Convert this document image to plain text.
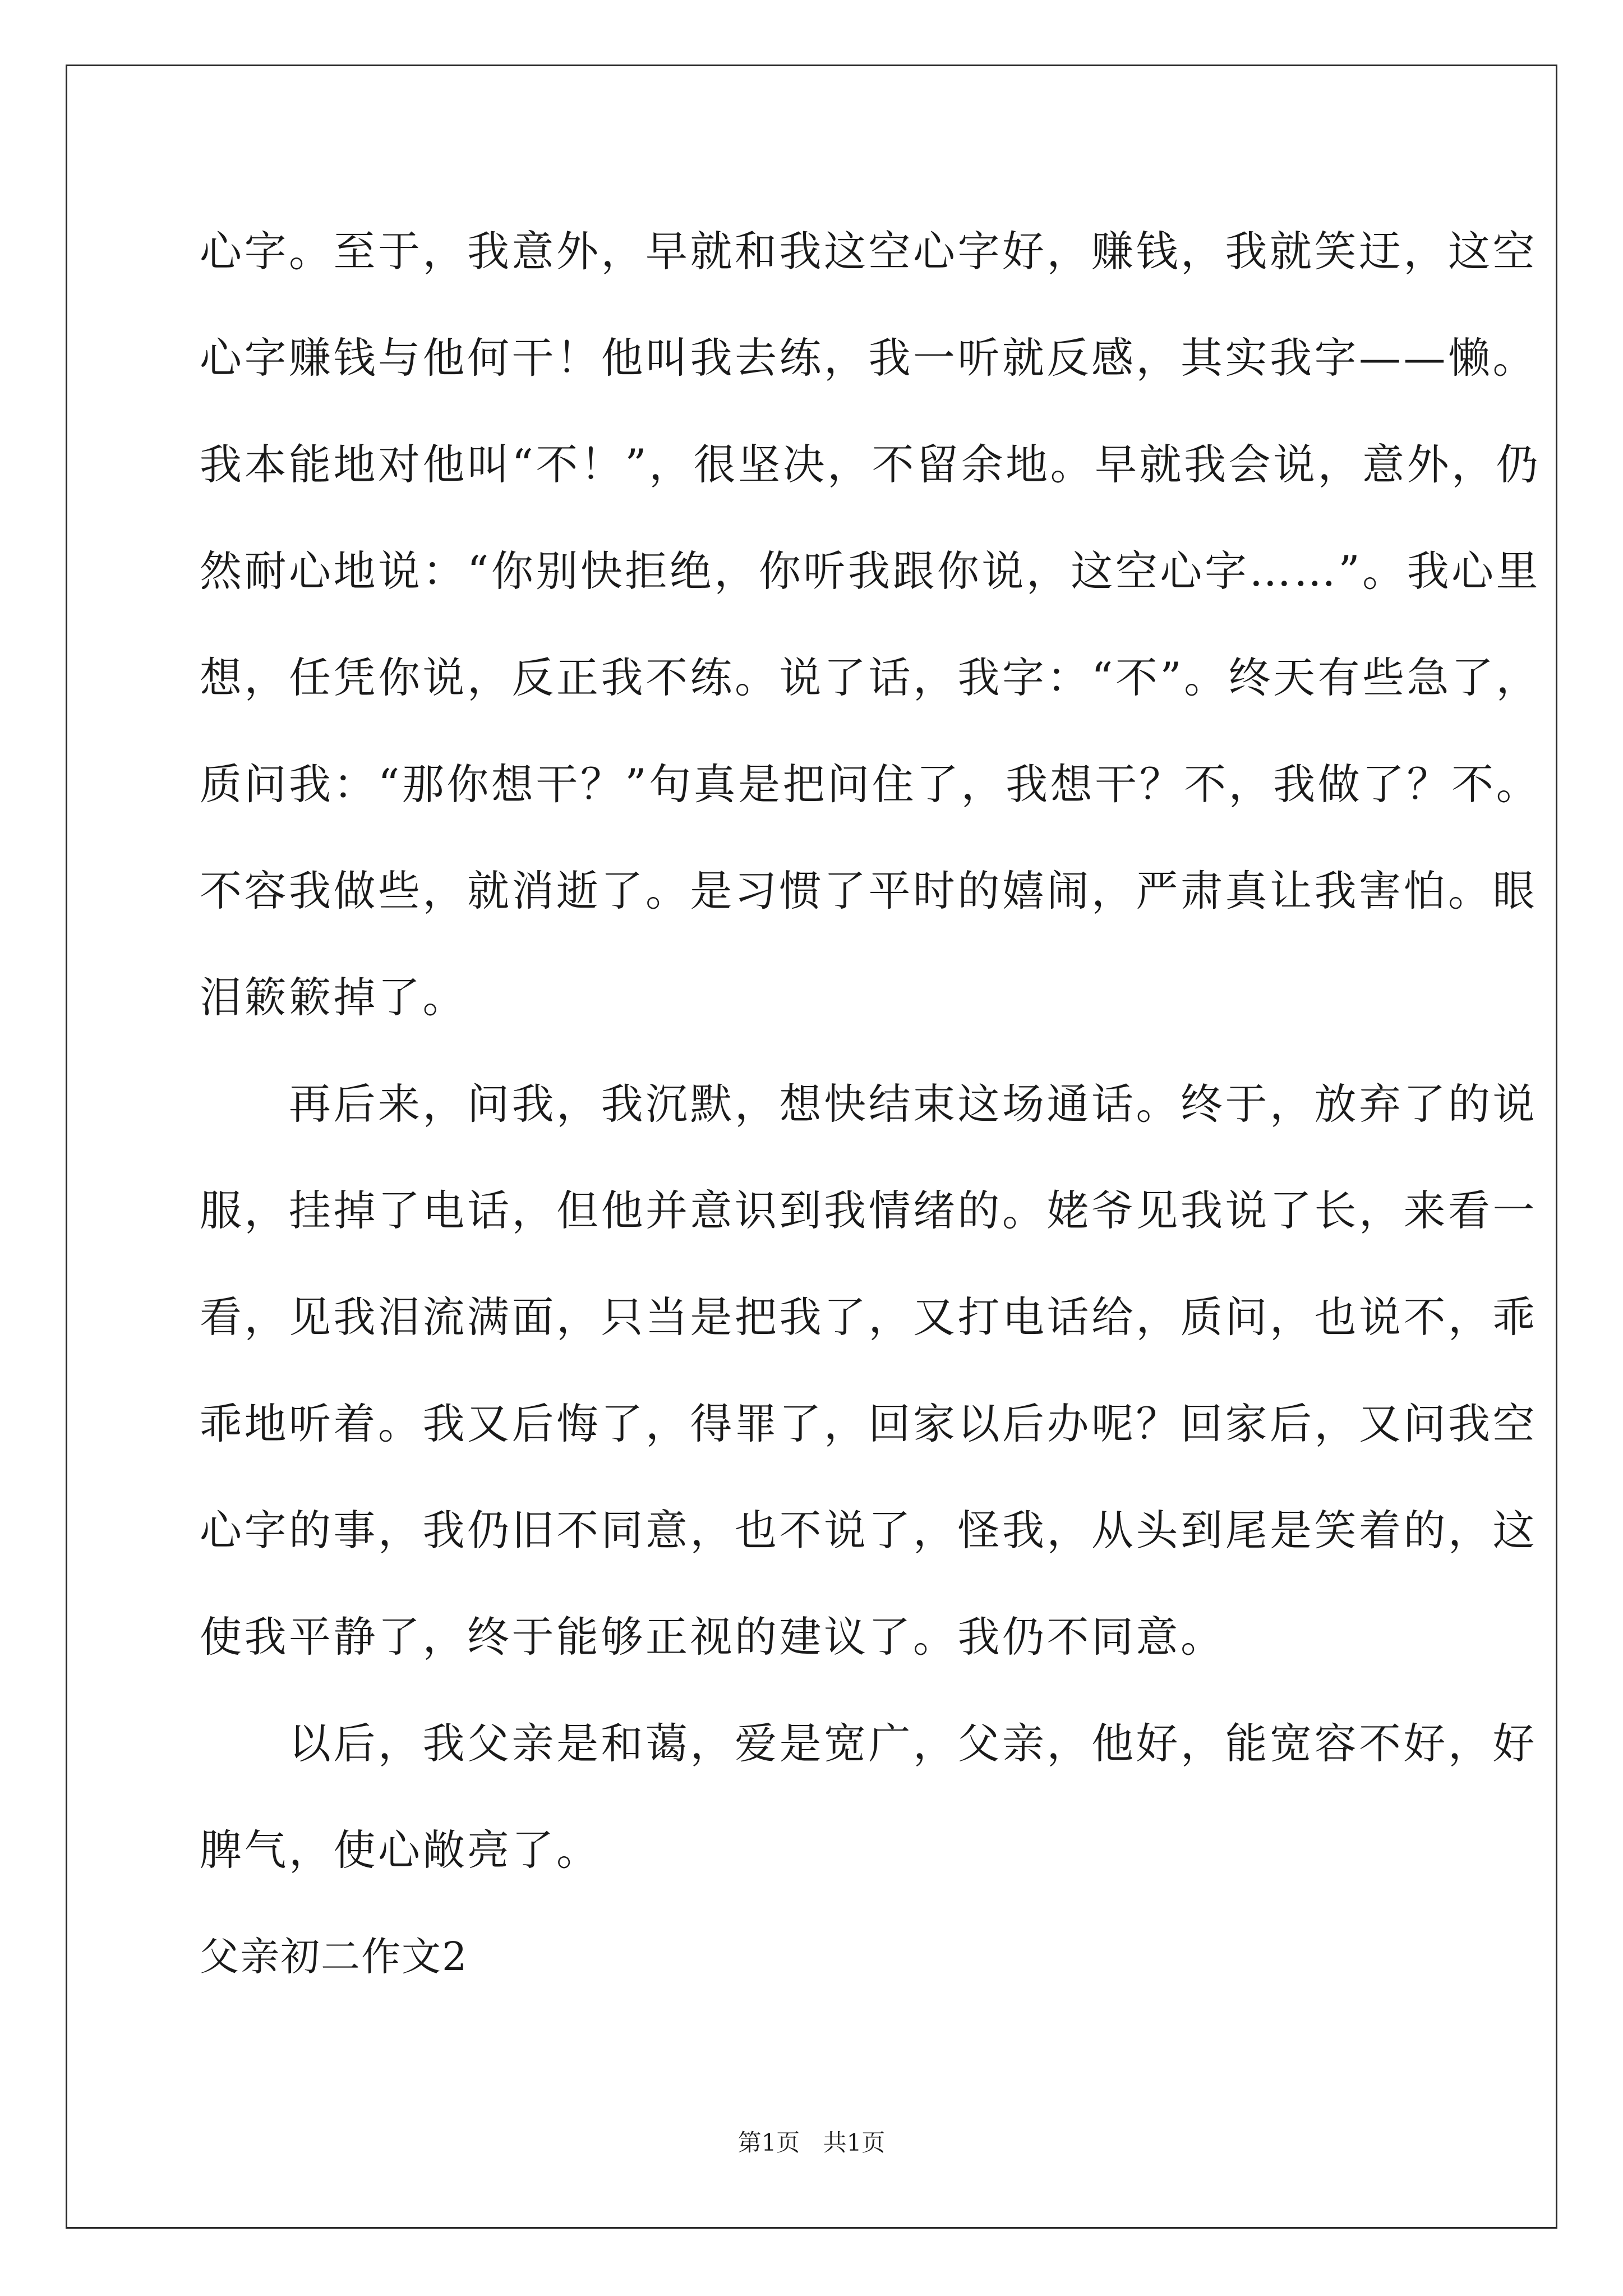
心字。至于，我意外，早就和我这空心字好，赚钱，我就笑迂，这空
心字赚钱与他何干！他叫我去练，我一听就反感，其实我字——懒。
我本能地对他叫“不！”，很坚决，不留余地。早就我会说，意外，仍
然耐心地说：“你别快拒绝，你听我跟你说，这空心字……”。我心里
想，任凭你说，反正我不练。说了话，我字：“不”。终天有些急了，
质问我：“那你想干？”句真是把问住了，我想干？不，我做了？不。
不容我做些，就消逝了。是习惯了平时的嬉闹，严肃真让我害怕。眼
泪簌簌掉了。
　　再后来，问我，我沉默，想快结束这场通话。终于，放弃了的说
服，挂掉了电话，但他并意识到我情绪的。姥爷见我说了长，来看一
看，见我泪流满面，只当是把我了，又打电话给，质问，也说不，乖
乖地听着。我又后悔了，得罪了，回家以后办呢？回家后，又问我空
心字的事，我仍旧不同意，也不说了，怪我，从头到尾是笑着的，这
使我平静了，终于能够正视的建议了。我仍不同意。
　　以后，我父亲是和蔼，爱是宽广，父亲，他好，能宽容不好，好
脾气，使心敞亮了。
父亲初二作文2
第1页 共1页
